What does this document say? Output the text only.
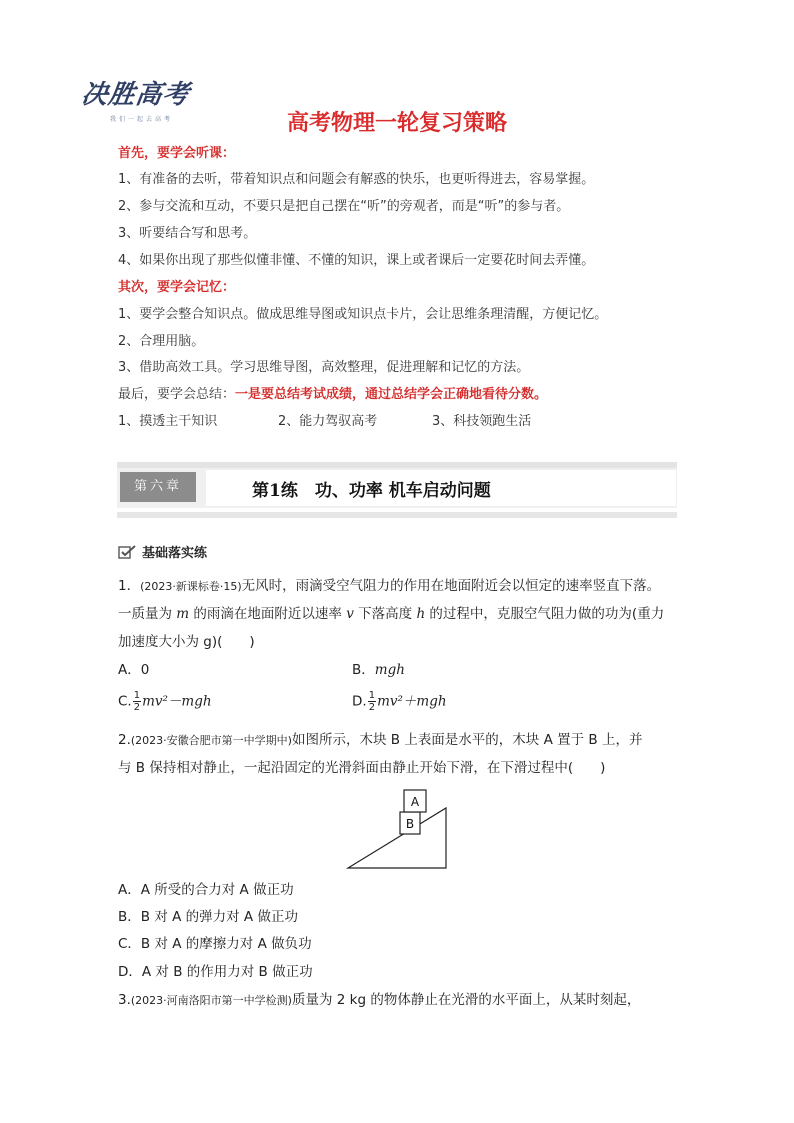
决胜高考
我们一起去高考	高考物理一轮复习策略
首先，要学会听课：
1、有准备的去听，带着知识点和问题会有解惑的快乐，也更听得进去，容易掌握。
2、参与交流和互动，不要只是把自己摆在“听”的旁观者，而是“听”的参与者。
3、听要结合写和思考。
4、如果你出现了那些似懂非懂、不懂的知识，课上或者课后一定要花时间去弄懂。
其次，要学会记忆：
1、要学会整合知识点。做成思维导图或知识点卡片，会让思维条理清醒，方便记忆。
2、合理用脑。
3、借助高效工具。学习思维导图，高效整理，促进理解和记忆的方法。
最后，要学会总结：一是要总结考试成绩，通过总结学会正确地看待分数。
1、摸透主干知识	2、能力驾驭高考	3、科技领跑生活
第六章	第1练　功、功率 机车启动问题
基础落实练
1．(2023·新课标卷·15)无风时，雨滴受空气阻力的作用在地面附近会以恒定的速率竖直下落。
一质量为 m 的雨滴在地面附近以速率 v 下落高度 h 的过程中，克服空气阻力做的功为(重力
加速度大小为 g)(　　)
A．0	B．mgh
C. $\frac{1}{2} mv^2-mgh$	D. $\frac{1}{2} mv^2+mgh$
2.(2023·安徽合肥市第一中学期中)如图所示，木块 B 上表面是水平的，木块 A 置于 B 上，并
与 B 保持相对静止，一起沿固定的光滑斜面由静止开始下滑，在下滑过程中(　　)
A
B
A．A 所受的合力对 A 做正功
B．B 对 A 的弹力对 A 做正功
C．B 对 A 的摩擦力对 A 做负功
D．A 对 B 的作用力对 B 做正功
3.(2023·河南洛阳市第一中学检测)质量为 2 kg 的物体静止在光滑的水平面上，从某时刻起，
